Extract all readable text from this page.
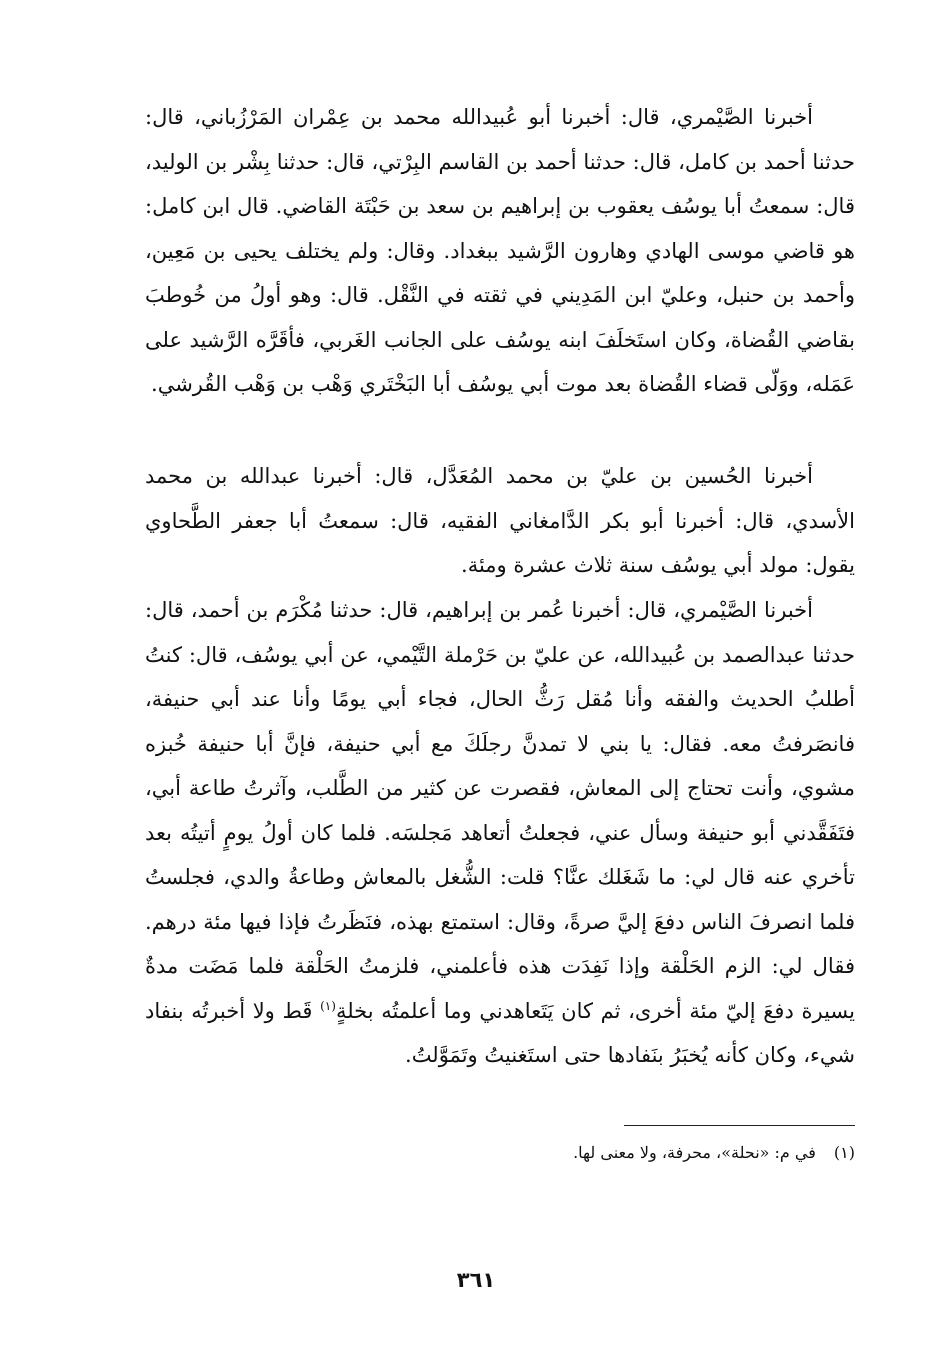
أخبرنا الصَّيْمري، قال: أخبرنا أبو عُبيدالله محمد بن عِمْران المَرْزُباني، قال: حدثنا أحمد بن كامل، قال: حدثنا أحمد بن القاسم البِرْتي، قال: حدثنا بِشْر بن الوليد، قال: سمعتُ أبا يوسُف يعقوب بن إبراهيم بن سعد بن حَبْتَة القاضي. قال ابن كامل: هو قاضي موسى الهادي وهارون الرَّشيد ببغداد. وقال: ولم يختلف يحيى بن مَعِين، وأحمد بن حنبل، وعليّ ابن المَدِيني في ثقته في النَّقْل. قال: وهو أولُ من خُوطبَ بقاضي القُضاة، وكان استَخلَفَ ابنه يوسُف على الجانب الغَربي، فأقَرَّه الرَّشيد على عَمَله، ووَلّى قضاء القُضاة بعد موت أبي يوسُف أبا البَخْتَري وَهْب بن وَهْب القُرشي.

أخبرنا الحُسين بن عليّ بن محمد المُعَدَّل، قال: أخبرنا عبدالله بن محمد الأسدي، قال: أخبرنا أبو بكر الدَّامغاني الفقيه، قال: سمعتُ أبا جعفر الطَّحاوي يقول: مولد أبي يوسُف سنة ثلاث عشرة ومئة.

أخبرنا الصَّيْمري، قال: أخبرنا عُمر بن إبراهيم، قال: حدثنا مُكْرَم بن أحمد، قال: حدثنا عبدالصمد بن عُبيدالله، عن عليّ بن حَرْملة التَّيْمي، عن أبي يوسُف، قال: كنتُ أطلبُ الحديث والفقه وأنا مُقل رَثُّ الحال، فجاء أبي يومًا وأنا عند أبي حنيفة، فانصَرفتُ معه. فقال: يا بني لا تمدنَّ رجلَكَ مع أبي حنيفة، فإنَّ أبا حنيفة خُبزه مشوي، وأنت تحتاج إلى المعاش، فقصرت عن كثير من الطَّلب، وآثرتُ طاعة أبي، فتَفَقَّدني أبو حنيفة وسأل عني، فجعلتُ أتعاهد مَجلسَه. فلما كان أولُ يومٍ أتيتُه بعد تأخري عنه قال لي: ما شَغَلك عنَّا؟ قلت: الشُّغل بالمعاش وطاعةُ والدي، فجلستُ فلما انصرفَ الناس دفعَ إليَّ صرةً، وقال: استمتع بهذه، فنَظَرتُ فإذا فيها مئة درهم. فقال لي: الزم الحَلْقة وإذا نَفِدَت هذه فأعلمني، فلزمتُ الحَلْقة فلما مَضَت مدةٌ يسيرة دفعَ إليّ مئة أخرى، ثم كان يَتَعاهدني وما أعلمتُه بخلةٍ$^{(١)}$ قَط ولا أخبرتُه بنفاد شيء، وكان كأنه يُخبَرُ بنَفادها حتى استَغنيتُ وتَمَوَّلتُ.

(١)في م: «نحلة»، محرفة، ولا معنى لها.
٣٦١
